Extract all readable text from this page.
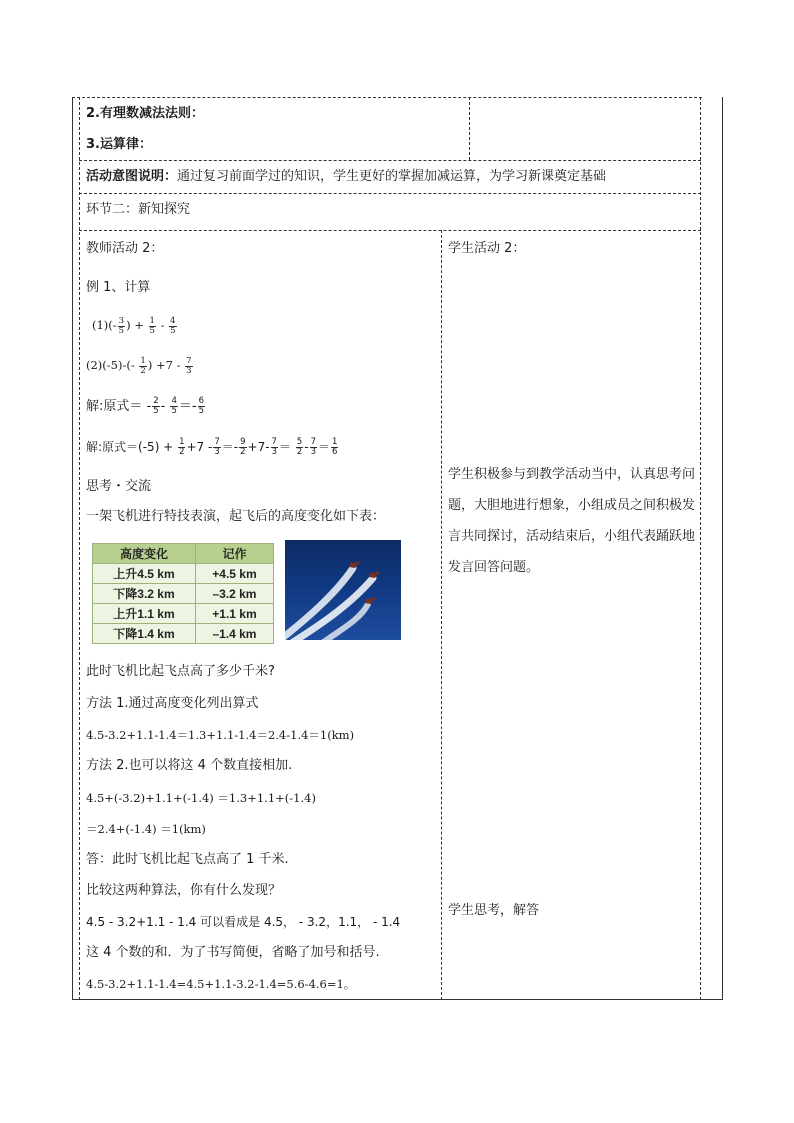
2.有理数减法法则：
3.运算律：
活动意图说明：通过复习前面学过的知识，学生更好的掌握加减运算，为学习新课奠定基础
环节二：新知探究
教师活动 2：
例 1、计算
$(1)(- \frac{3}{5}$ ) + $\frac{1}{5} - \frac{4}{5}$
$(2)(-5)-(- \frac{1}{2}$ ) $+7 - \frac{7}{3}$
解:原式＝ - $\frac{2}{5} - \frac{4}{5} =- \frac{6}{5}$
解:原式$=(-5) + \frac{1}{2} +7 - \frac{7}{3} =- \frac{9}{2} +7- \frac{7}{3} = \frac{5}{2} - \frac{7}{3} = \frac{1}{6}$
思考・交流
一架飞机进行特技表演，起飞后的高度变化如下表：
高度变化	记作
上升4.5 km	+4.5 km
下降3.2 km	–3.2 km
上升1.1 km	+1.1 km
下降1.4 km	–1.4 km
此时飞机比起飞点高了多少千米?
方法 1.通过高度变化列出算式
4.5-3.2+1.1-1.4＝1.3+1.1-1.4＝2.4-1.4＝1(km)
方法 2.也可以将这 4 个数直接相加.
4.5+(-3.2)+1.1+(-1.4) ＝1.3+1.1+(-1.4)
＝2.4+(-1.4) ＝1(km)
答：此时飞机比起飞点高了 1 千米.
比较这两种算法，你有什么发现？
4.5 - 3.2+1.1 - 1.4 可以看成是 4.5， - 3.2，1.1， - 1.4
这 4 个数的和．为了书写简便，省略了加号和括号.
4.5-3.2+1.1-1.4=4.5+1.1-3.2-1.4=5.6-4.6=1。
学生活动 2：
学生积极参与到教学活动当中，认真思考问题，大胆地进行想象，小组成员之间积极发言共同探讨，活动结束后，小组代表踊跃地发言回答问题。
学生思考，解答
